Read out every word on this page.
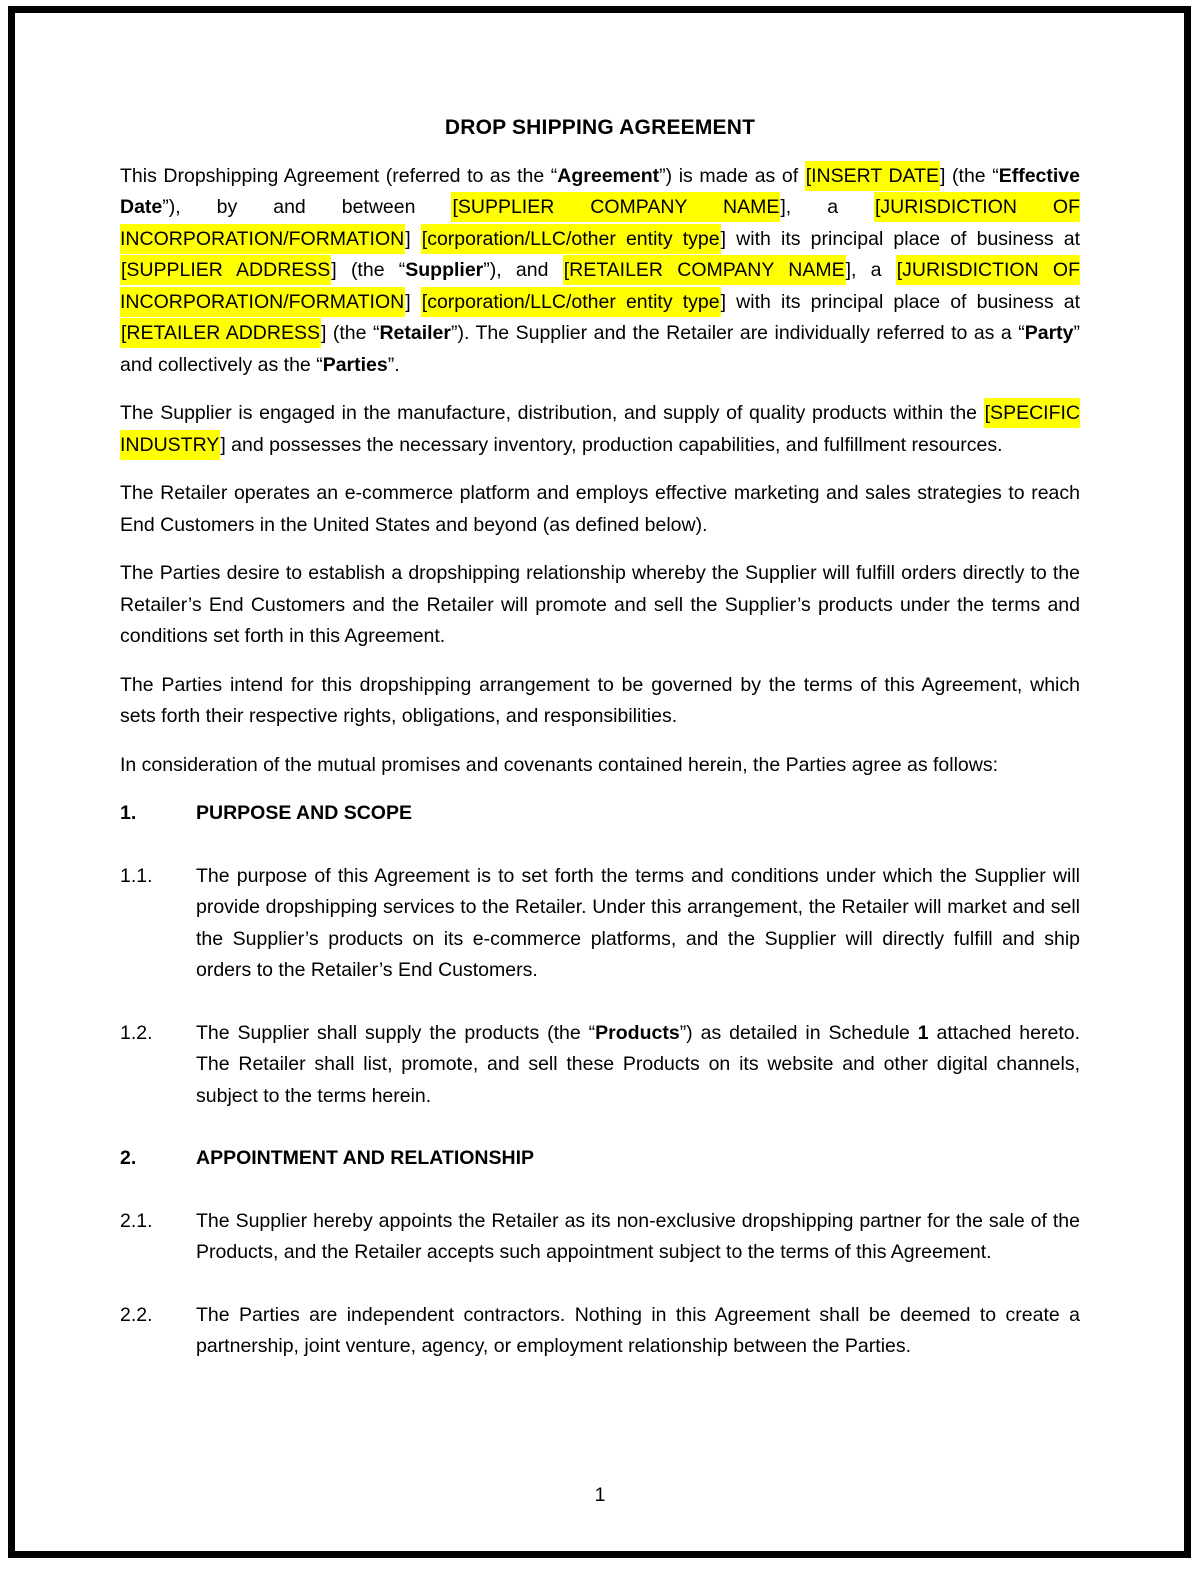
DROP SHIPPING AGREEMENT

This Dropshipping Agreement (referred to as the “Agreement”) is made as of [INSERT DATE] (the “Effective Date”), by and between [SUPPLIER COMPANY NAME], a [JURISDICTION OF INCORPORATION/FORMATION] [corporation/LLC/other entity type] with its principal place of business at [SUPPLIER ADDRESS] (the “Supplier”), and [RETAILER COMPANY NAME], a [JURISDICTION OF INCORPORATION/FORMATION] [corporation/LLC/other entity type] with its principal place of business at [RETAILER ADDRESS] (the “Retailer”). The Supplier and the Retailer are individually referred to as a “Party” and collectively as the “Parties”.

The Supplier is engaged in the manufacture, distribution, and supply of quality products within the [SPECIFIC INDUSTRY] and possesses the necessary inventory, production capabilities, and fulfillment resources.

The Retailer operates an e-commerce platform and employs effective marketing and sales strategies to reach End Customers in the United States and beyond (as defined below).

The Parties desire to establish a dropshipping relationship whereby the Supplier will fulfill orders directly to the Retailer’s End Customers and the Retailer will promote and sell the Supplier’s products under the terms and conditions set forth in this Agreement.

The Parties intend for this dropshipping arrangement to be governed by the terms of this Agreement, which sets forth their respective rights, obligations, and responsibilities.

In consideration of the mutual promises and covenants contained herein, the Parties agree as follows:

1.	PURPOSE AND SCOPE
1.1. The purpose of this Agreement is to set forth the terms and conditions under which the Supplier will provide dropshipping services to the Retailer. Under this arrangement, the Retailer will market and sell the Supplier’s products on its e-commerce platforms, and the Supplier will directly fulfill and ship orders to the Retailer’s End Customers.
1.2. The Supplier shall supply the products (the “Products”) as detailed in Schedule 1 attached hereto. The Retailer shall list, promote, and sell these Products on its website and other digital channels, subject to the terms herein.
2.	APPOINTMENT AND RELATIONSHIP
2.1. The Supplier hereby appoints the Retailer as its non-exclusive dropshipping partner for the sale of the Products, and the Retailer accepts such appointment subject to the terms of this Agreement.
2.2. The Parties are independent contractors. Nothing in this Agreement shall be deemed to create a partnership, joint venture, agency, or employment relationship between the Parties.
1
